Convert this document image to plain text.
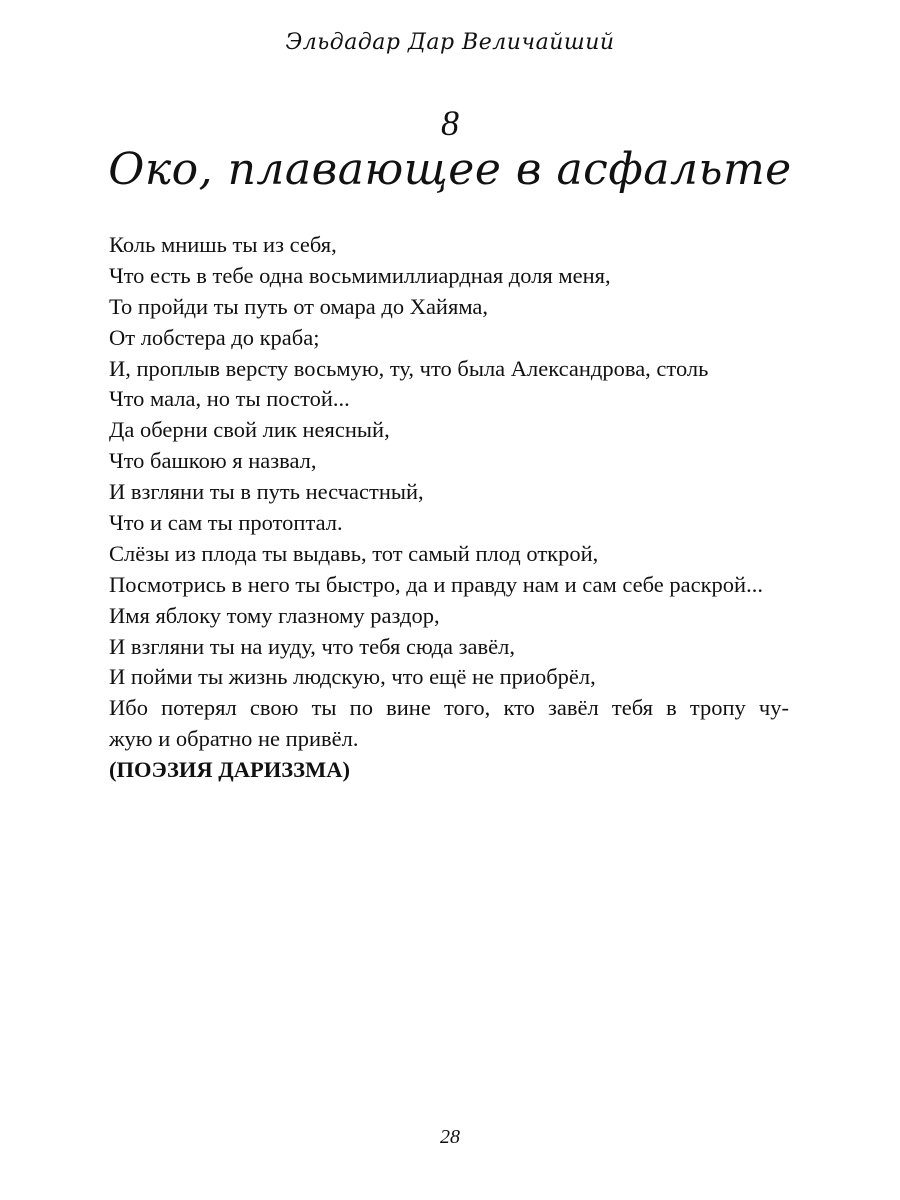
Эльдадар Дар Величайший
8
Око, плавающее в асфальте
Коль мнишь ты из себя,
Что есть в тебе одна восьмимиллиардная доля меня,
То пройди ты путь от омара до Хайяма,
От лобстера до краба;
И, проплыв версту восьмую, ту, что была Александрова, столь
Что мала, но ты постой...
Да оберни свой лик неясный,
Что башкою я назвал,
И взгляни ты в путь несчастный,
Что и сам ты протоптал.
Слёзы из плода ты выдавь, тот самый плод открой,
Посмотрись в него ты быстро, да и правду нам и сам себе раскрой...
Имя яблоку тому глазному раздор,
И взгляни ты на иуду, что тебя сюда завёл,
И пойми ты жизнь людскую, что ещё не приобрёл,
Ибо потерял свою ты по вине того, кто завёл тебя в тропу чу-
жую и обратно не привёл.
(ПОЭЗИЯ ДАРИЗЗМА)
28
